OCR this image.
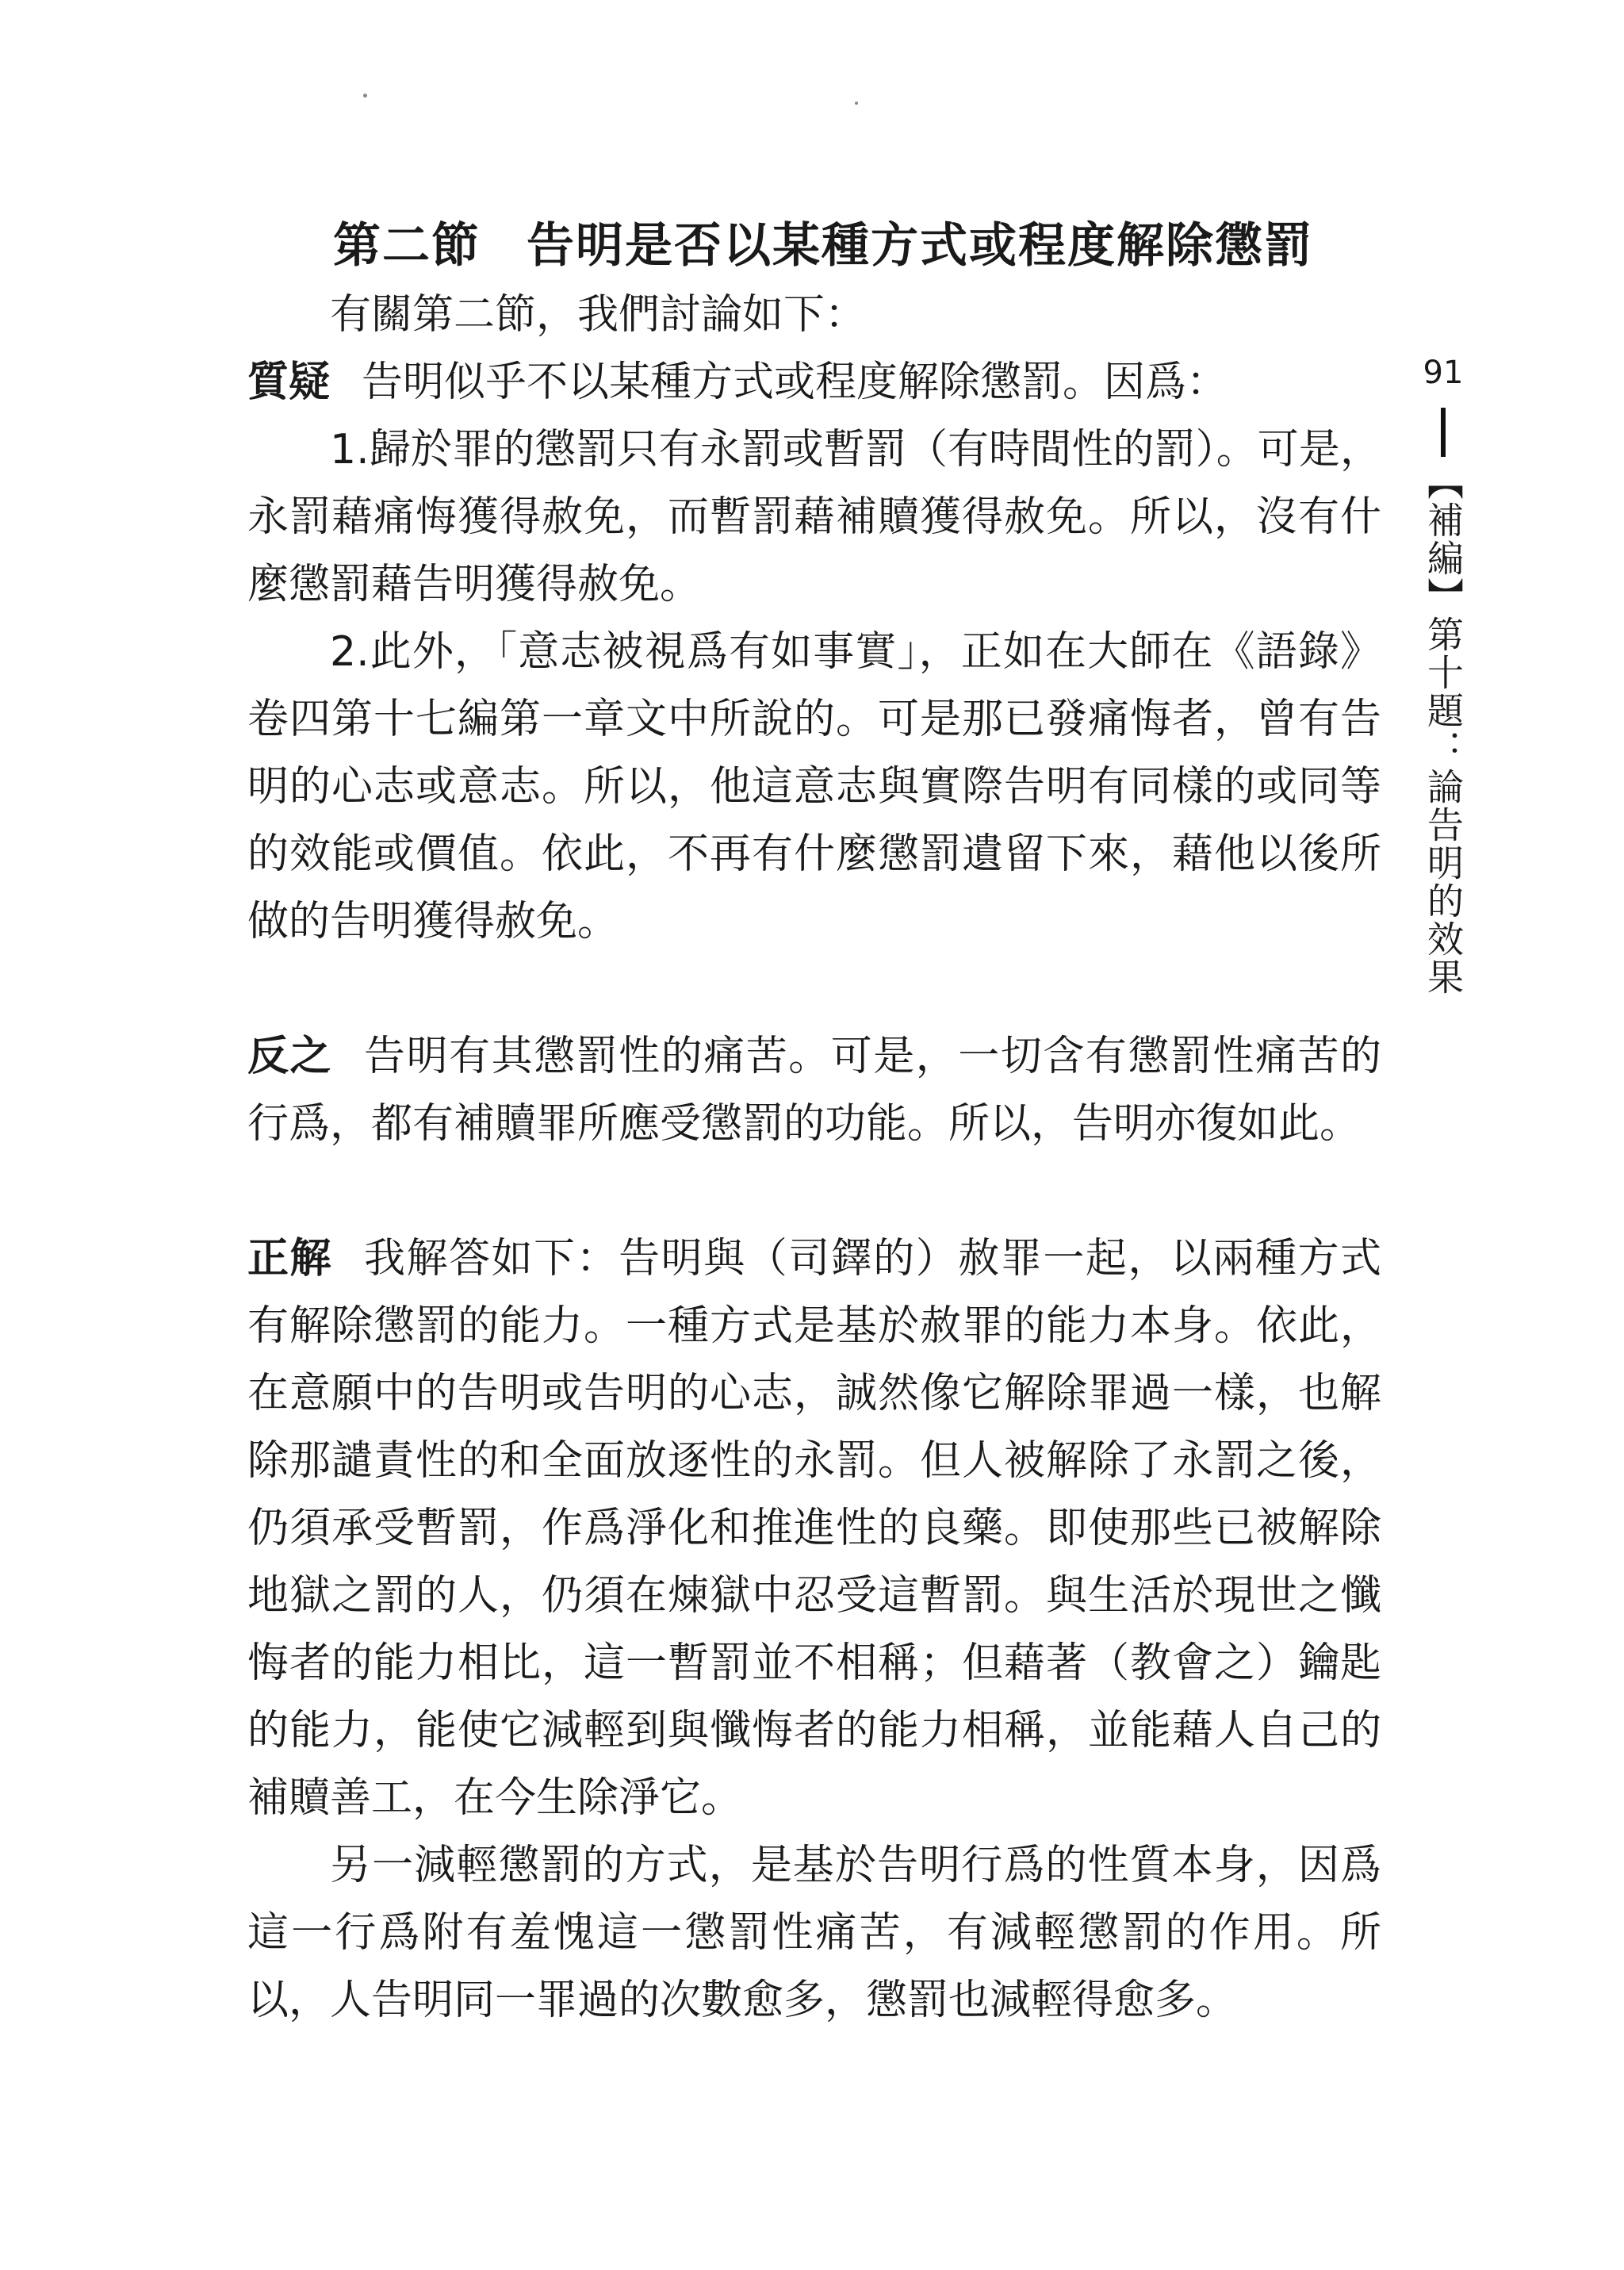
第二節 告明是否以某種方式或程度解除懲罰

有關第二節，我們討論如下：

質疑 告明似乎不以某種方式或程度解除懲罰。因爲：

1.歸於罪的懲罰只有永罰或暫罰（有時間性的罰）。可是，永罰藉痛悔獲得赦免，而暫罰藉補贖獲得赦免。所以，沒有什麼懲罰藉告明獲得赦免。

2.此外，「意志被視爲有如事實」，正如在大師在《語錄》卷四第十七編第一章文中所說的。可是那已發痛悔者，曾有告明的心志或意志。所以，他這意志與實際告明有同樣的或同等的效能或價值。依此，不再有什麼懲罰遺留下來，藉他以後所做的告明獲得赦免。

反之 告明有其懲罰性的痛苦。可是，一切含有懲罰性痛苦的行爲，都有補贖罪所應受懲罰的功能。所以，告明亦復如此。

正解 我解答如下：告明與（司鐸的）赦罪一起，以兩種方式有解除懲罰的能力。一種方式是基於赦罪的能力本身。依此，在意願中的告明或告明的心志，誠然像它解除罪過一樣，也解除那譴責性的和全面放逐性的永罰。但人被解除了永罰之後，仍須承受暫罰，作爲淨化和推進性的良藥。即使那些已被解除地獄之罰的人，仍須在煉獄中忍受這暫罰。與生活於現世之懺悔者的能力相比，這一暫罰並不相稱；但藉著（教會之）鑰匙的能力，能使它減輕到與懺悔者的能力相稱，並能藉人自己的補贖善工，在今生除淨它。

另一減輕懲罰的方式，是基於告明行爲的性質本身，因爲這一行爲附有羞愧這一懲罰性痛苦，有減輕懲罰的作用。所以，人告明同一罪過的次數愈多，懲罰也減輕得愈多。

91
【補編】第十題：論告明的效果
